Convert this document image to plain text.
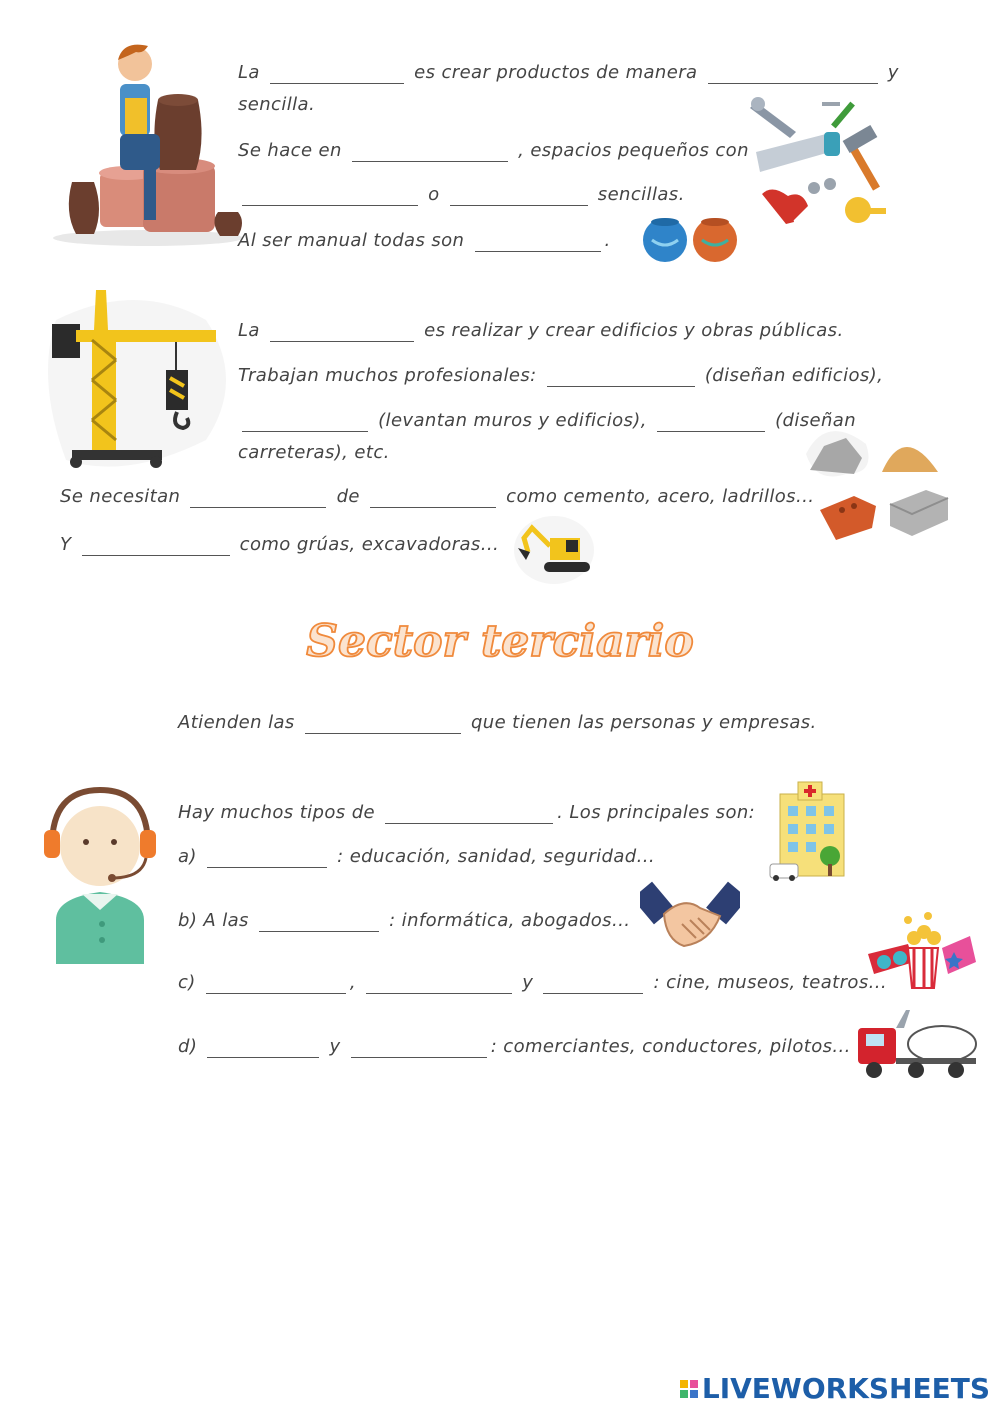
La	es crear productos de manera	y
sencilla.
Se hace en	, espacios pequeños con
o	sencillas.
Al ser manual todas son	.
La	es realizar y crear edificios y obras públicas.
Trabajan muchos profesionales:	(diseñan edificios),
(levantan muros y edificios),	(diseñan
carreteras), etc.
Se necesitan	de	como cemento, acero, ladrillos...
Y	como grúas, excavadoras...
Sector terciario
Atienden las	que tienen las personas y empresas.
Hay muchos tipos de	. Los principales son:
a)	: educación, sanidad, seguridad...
b) A las	: informática, abogados...
c)	,	y	: cine, museos, teatros...
d)	y	: comerciantes, conductores, pilotos...
LIVEWORKSHEETS
